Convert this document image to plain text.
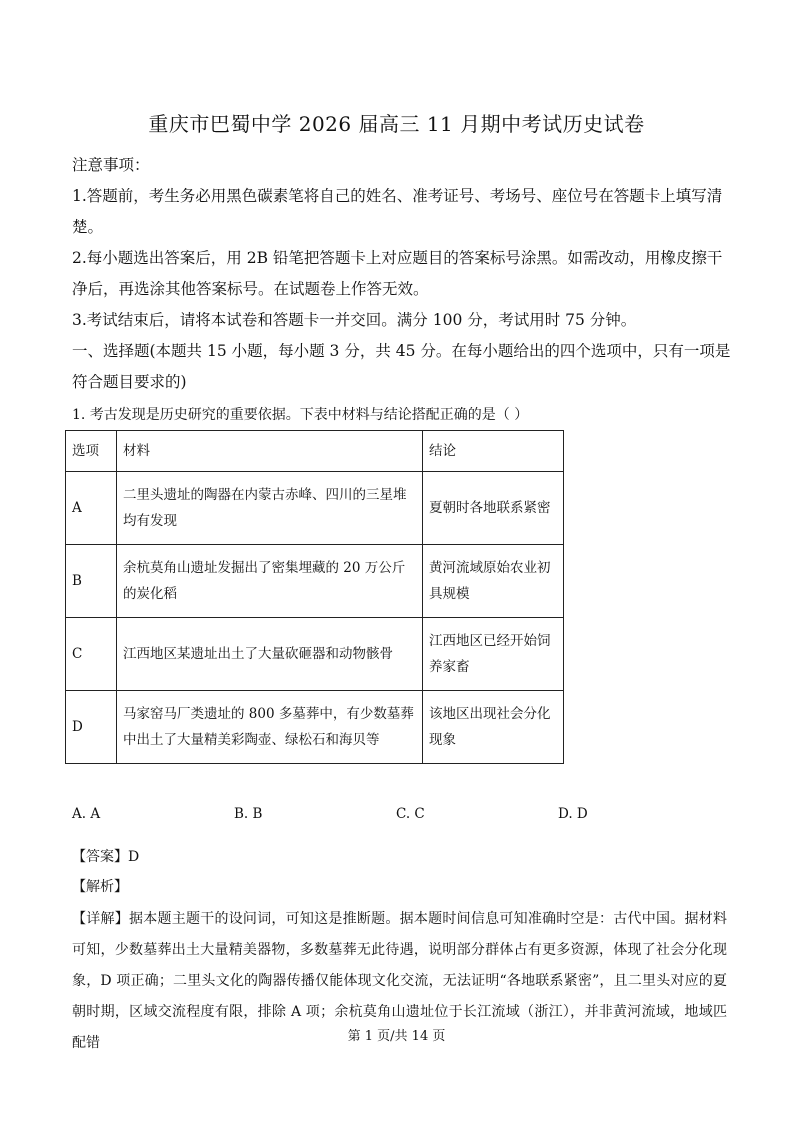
重庆市巴蜀中学 2026 届高三 11 月期中考试历史试卷

注意事项：

1.答题前，考生务必用黑色碳素笔将自己的姓名、准考证号、考场号、座位号在答题卡上填写清楚。

2.每小题选出答案后，用 2B 铅笔把答题卡上对应题目的答案标号涂黑。如需改动，用橡皮擦干净后，再选涂其他答案标号。在试题卷上作答无效。

3.考试结束后，请将本试卷和答题卡一并交回。满分 100 分，考试用时 75 分钟。

一、选择题(本题共 15 小题，每小题 3 分，共 45 分。在每小题给出的四个选项中，只有一项是符合题目要求的)

1. 考古发现是历史研究的重要依据。下表中材料与结论搭配正确的是（ ）
选项	材料	结论
A	二里头遗址的陶器在内蒙古赤峰、四川的三星堆均有发现	夏朝时各地联系紧密
B	余杭莫角山遗址发掘出了密集埋藏的 20 万公斤的炭化稻	黄河流域原始农业初具规模
C	江西地区某遗址出土了大量砍砸器和动物骸骨	江西地区已经开始饲养家畜
D	马家窑马厂类遗址的 800 多墓葬中，有少数墓葬中出土了大量精美彩陶壶、绿松石和海贝等	该地区出现社会分化现象
A. A	B. B	C. C	D. D
【答案】D
【解析】
【详解】据本题主题干的设问词，可知这是推断题。据本题时间信息可知准确时空是：古代中国。据材料可知，少数墓葬出土大量精美器物，多数墓葬无此待遇，说明部分群体占有更多资源，体现了社会分化现象，D 项正确；二里头文化的陶器传播仅能体现文化交流，无法证明“各地联系紧密”，且二里头对应的夏朝时期，区域交流程度有限，排除 A 项；余杭莫角山遗址位于长江流域（浙江），并非黄河流域，地域匹配错	第 1 页/共 14 页
